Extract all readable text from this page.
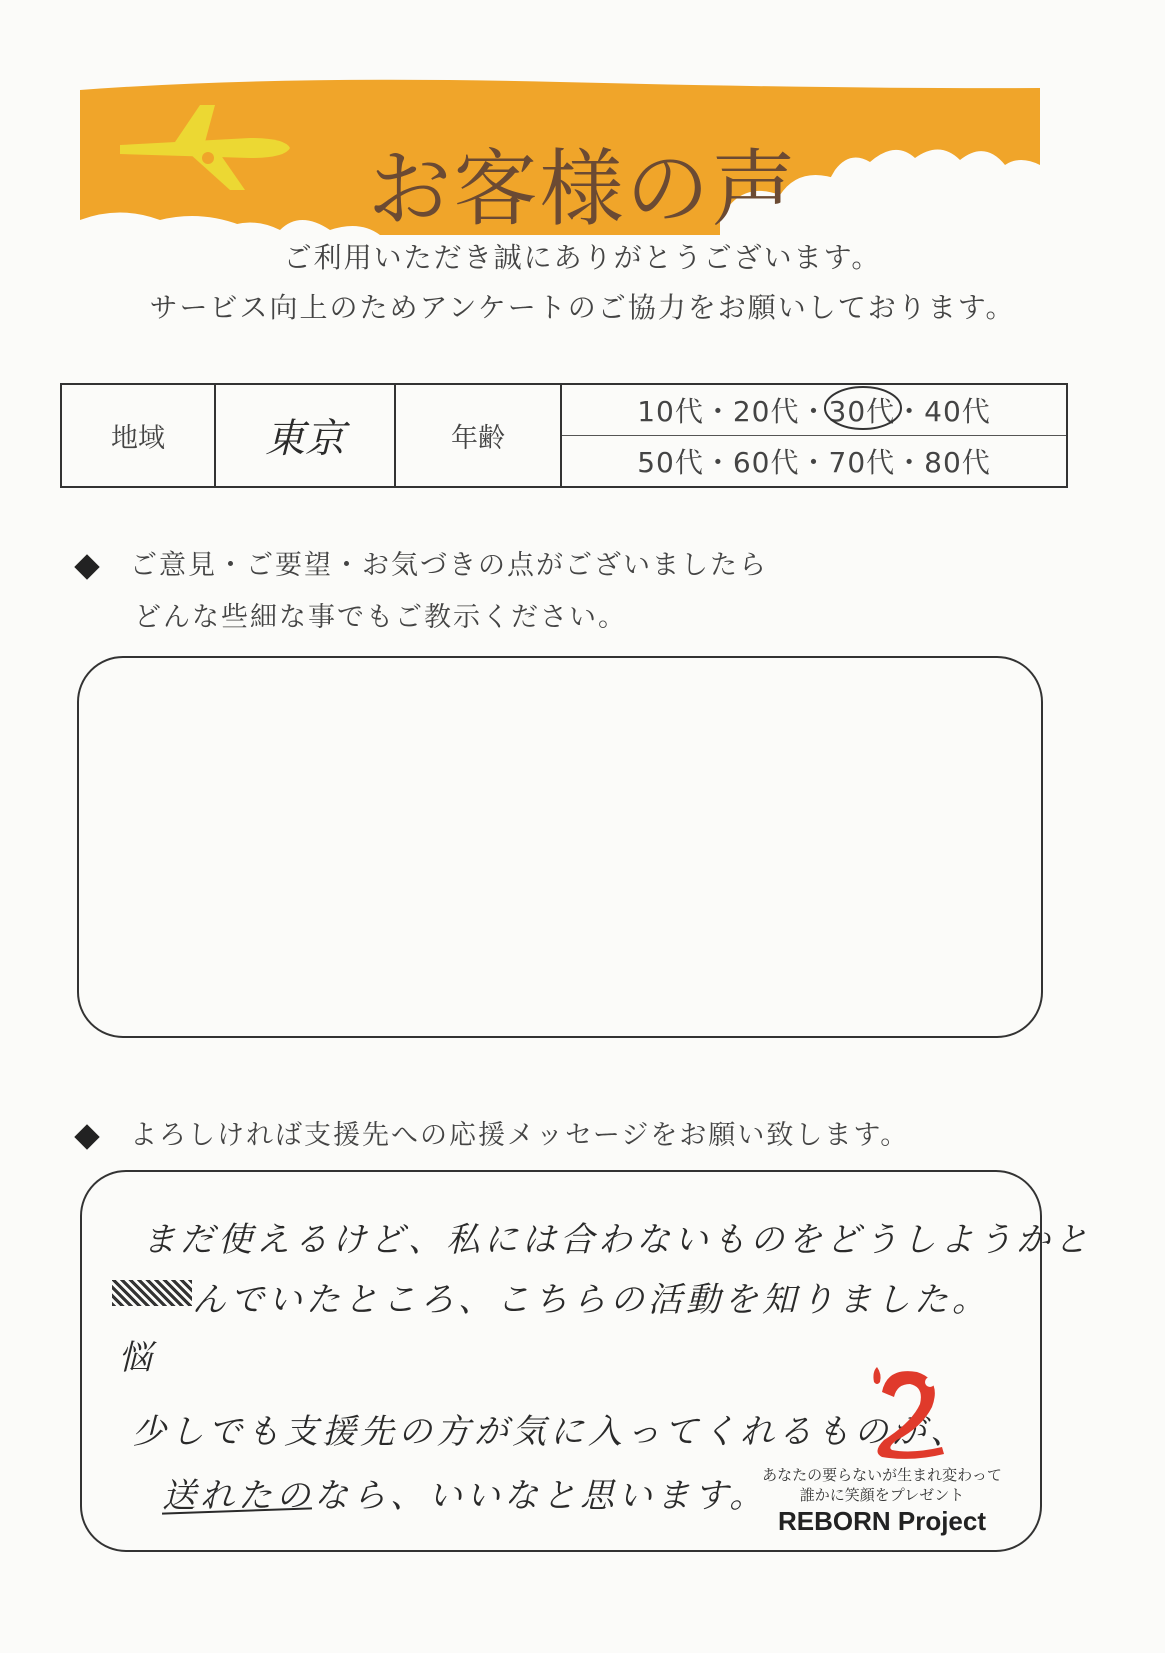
お客様の声
ご利用いただき誠にありがとうございます。
サービス向上のためアンケートのご協力をお願いしております。
地域	東京	年齢
10代 ・ 20代 ・ 30代 ・ 40代
50代 ・ 60代 ・ 70代 ・ 80代
ご意見・ご要望・お気づきの点がございましたら
どんな些細な事でもご教示ください。
よろしければ支援先への応援メッセージをお願い致します。
まだ使えるけど、私には合わないものをどうしようかと
んでいたところ、こちらの活動を知りました。
悩
少しでも支援先の方が気に入ってくれるものが、
送れたのなら、いいなと思います。
あなたの要らないが生まれ変わって
誰かに笑顔をプレゼント
REBORN Project
